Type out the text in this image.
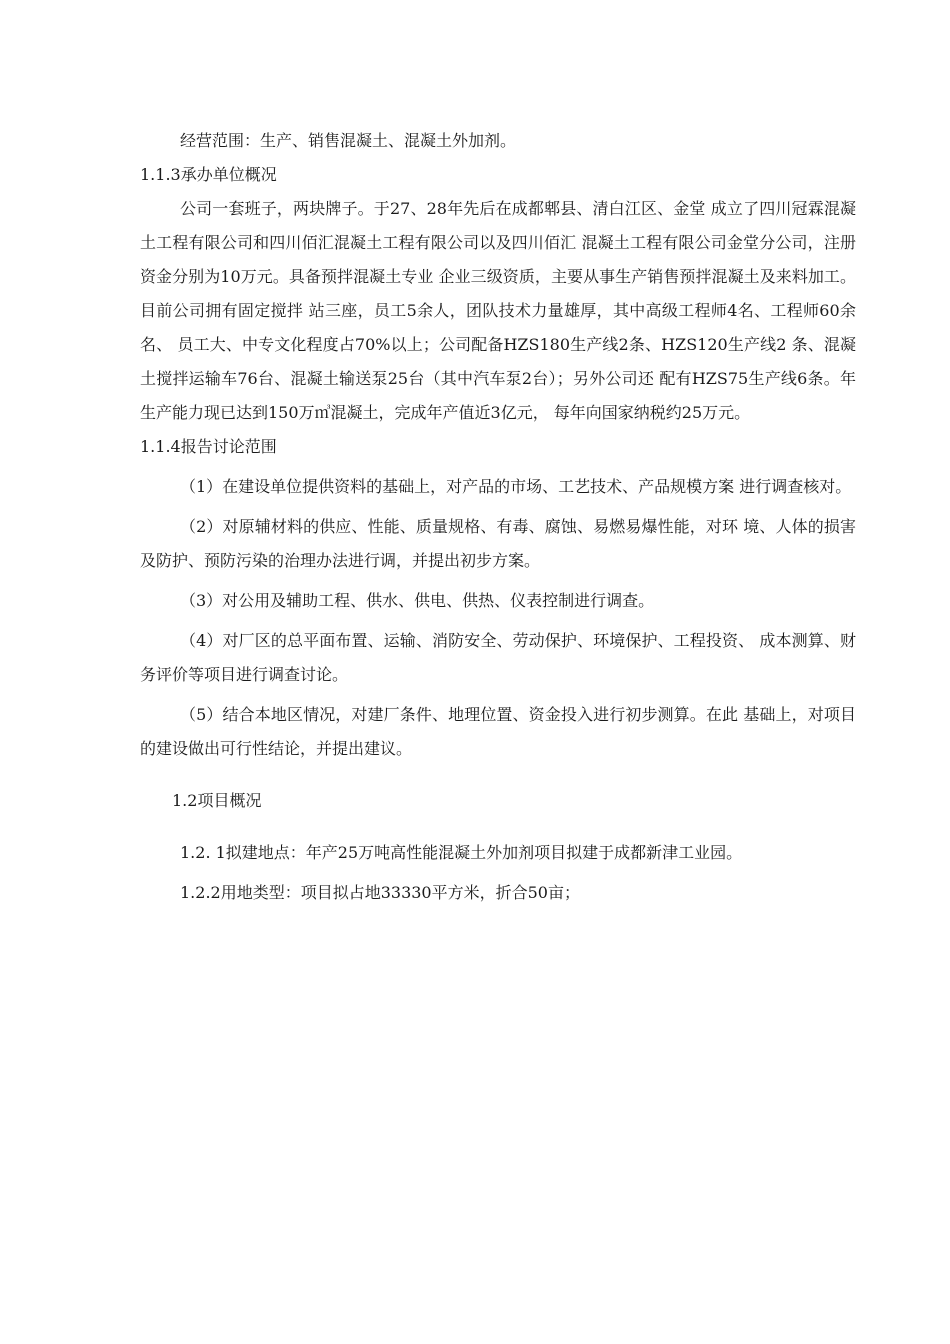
经营范围：生产、销售混凝土、混凝土外加剂。

1.1.3承办单位概况

公司一套班子，两块牌子。于27、28年先后在成都郫县、清白江区、金堂 成立了四川冠霖混凝土工程有限公司和四川佰汇混凝土工程有限公司以及四川佰汇 混凝土工程有限公司金堂分公司，注册资金分别为10万元。具备预拌混凝土专业 企业三级资质，主要从事生产销售预拌混凝土及来料加工。目前公司拥有固定搅拌 站三座，员工5余人，团队技术力量雄厚，其中高级工程师4名、工程师60余名、 员工大、中专文化程度占70%以上；公司配备HZS180生产线2条、HZS120生产线2 条、混凝土搅拌运输车76台、混凝土输送泵25台（其中汽车泵2台）；另外公司还 配有HZS75生产线6条。年生产能力现已达到150万㎥混凝土，完成年产值近3亿元， 每年向国家纳税约25万元。

1.1.4报告讨论范围

（1）在建设单位提供资料的基础上，对产品的市场、工艺技术、产品规模方案 进行调查核对。

（2）对原辅材料的供应、性能、质量规格、有毒、腐蚀、易燃易爆性能，对环 境、人体的损害及防护、预防污染的治理办法进行调，并提出初步方案。

（3）对公用及辅助工程、供水、供电、供热、仪表控制进行调查。

（4）对厂区的总平面布置、运输、消防安全、劳动保护、环境保护、工程投资、 成本测算、财务评价等项目进行调查讨论。

（5）结合本地区情况，对建厂条件、地理位置、资金投入进行初步测算。在此 基础上，对项目的建设做出可行性结论，并提出建议。

1.2项目概况

1.2. 1拟建地点：年产25万吨高性能混凝土外加剂项目拟建于成都新津工业园。

1.2.2用地类型：项目拟占地33330平方米，折合50亩；
